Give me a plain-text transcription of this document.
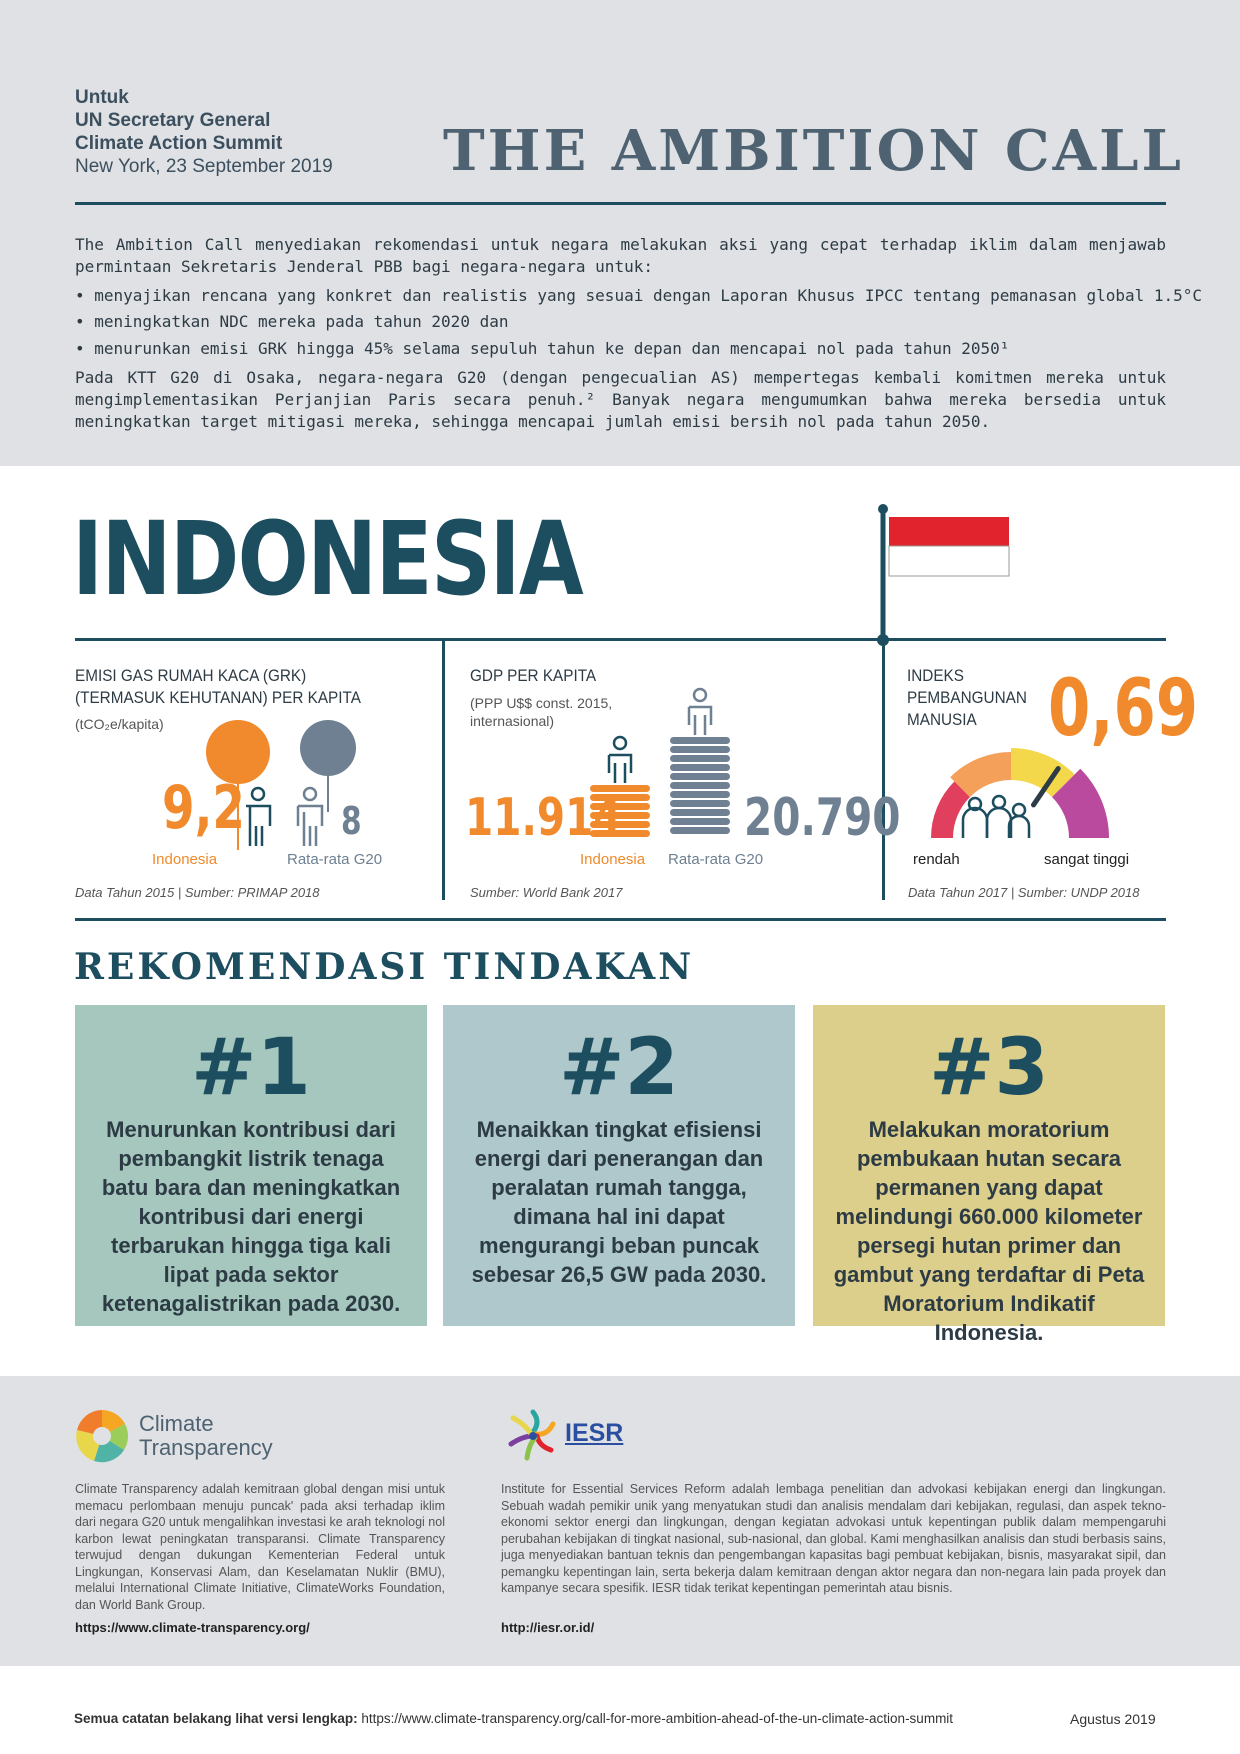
Untuk
UN Secretary General
Climate Action Summit
New York, 23 September 2019 THE AMBITION CALL
The Ambition Call menyediakan rekomendasi untuk negara melakukan aksi yang cepat terhadap iklim dalam menjawab permintaan Sekretaris Jenderal PBB bagi negara-negara untuk:
• menyajikan rencana yang konkret dan realistis yang sesuai dengan Laporan Khusus IPCC tentang pemanasan global 1.5°C
• meningkatkan NDC mereka pada tahun 2020 dan
• menurunkan emisi GRK hingga 45% selama sepuluh tahun ke depan dan mencapai nol pada tahun 2050¹
Pada KTT G20 di Osaka, negara-negara G20 (dengan pengecualian AS) mempertegas kembali komitmen mereka untuk mengimplementasikan Perjanjian Paris secara penuh.² Banyak negara mengumumkan bahwa mereka bersedia untuk meningkatkan target mitigasi mereka, sehingga mencapai jumlah emisi bersih nol pada tahun 2050.
INDONESIA
EMISI GAS RUMAH KACA (GRK)
(TERMASUK KEHUTANAN) PER KAPITA
(tCO₂e/kapita)
9,2	8
Indonesia	Rata-rata G20
Data Tahun 2015 | Sumber: PRIMAP 2018
GDP PER KAPITA
(PPP U$$ const. 2015,
internasional)
11.914 20.790
Indonesia Rata-rata G20
Sumber: World Bank 2017
INDEKS
PEMBANGUNAN
MANUSIA 0,69
rendah	sangat tinggi
Data Tahun 2017 | Sumber: UNDP 2018
REKOMENDASI TINDAKAN
#1
Menurunkan kontribusi dari pembangkit listrik tenaga batu bara dan meningkatkan kontribusi dari energi terbarukan hingga tiga kali lipat pada sektor ketenagalistrikan pada 2030.
#2
Menaikkan tingkat efisiensi energi dari penerangan dan peralatan rumah tangga, dimana hal ini dapat mengurangi beban puncak sebesar 26,5 GW pada 2030.
#3
Melakukan moratorium pembukaan hutan secara permanen yang dapat melindungi 660.000 kilometer persegi hutan primer dan gambut yang terdaftar di Peta Moratorium Indikatif Indonesia.
Climate
Transparency
Climate Transparency adalah kemitraan global dengan misi untuk memacu perlombaan menuju puncak' pada aksi terhadap iklim dari negara G20 untuk mengalihkan investasi ke arah teknologi nol karbon lewat peningkatan transparansi. Climate Transparency terwujud dengan dukungan Kementerian Federal untuk Lingkungan, Konservasi Alam, dan Keselamatan Nuklir (BMU), melalui International Climate Initiative, ClimateWorks Foundation, dan World Bank Group.
https://www.climate-transparency.org/
IESR
Institute for Essential Services Reform adalah lembaga penelitian dan advokasi kebijakan energi dan lingkungan. Sebuah wadah pemikir unik yang menyatukan studi dan analisis mendalam dari kebijakan, regulasi, dan aspek tekno-ekonomi sektor energi dan lingkungan, dengan kegiatan advokasi untuk kepentingan publik dalam mempengaruhi perubahan kebijakan di tingkat nasional, sub-nasional, dan global. Kami menghasilkan analisis dan studi berbasis sains, juga menyediakan bantuan teknis dan pengembangan kapasitas bagi pembuat kebijakan, bisnis, masyarakat sipil, dan pemangku kepentingan lain, serta bekerja dalam kemitraan dengan aktor negara dan non-negara lain pada proyek dan kampanye secara spesifik. IESR tidak terikat kepentingan pemerintah atau bisnis.
http://iesr.or.id/
Semua catatan belakang lihat versi lengkap: https://www.climate-transparency.org/call-for-more-ambition-ahead-of-the-un-climate-action-summit	Agustus 2019
